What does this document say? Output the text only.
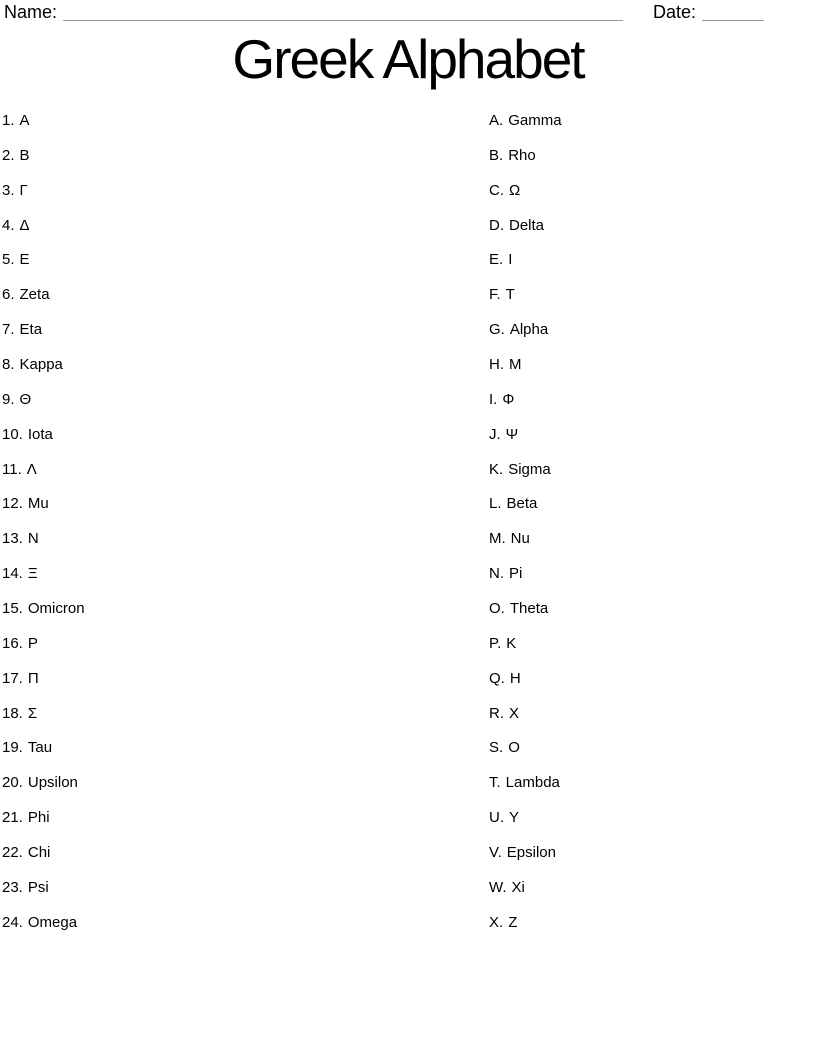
Name:	Date:
Greek Alphabet
1. Α
2. Β
3. Γ
4. Δ
5. Ε
6. Zeta
7. Eta
8. Kappa
9. Θ
10. Iota
11. Λ
12. Mu
13. Ν
14. Ξ
15. Omicron
16. Ρ
17. Π
18. Σ
19. Tau
20. Upsilon
21. Phi
22. Chi
23. Psi
24. Omega
A. Gamma
B. Rho
C. Ω
D. Delta
E. Ι
F. Τ
G. Alpha
H. Μ
I. Φ
J. Ψ
K. Sigma
L. Beta
M. Nu
N. Pi
O. Theta
P. Κ
Q. Η
R. Χ
S. Ο
T. Lambda
U. Υ
V. Epsilon
W. Xi
X. Ζ
